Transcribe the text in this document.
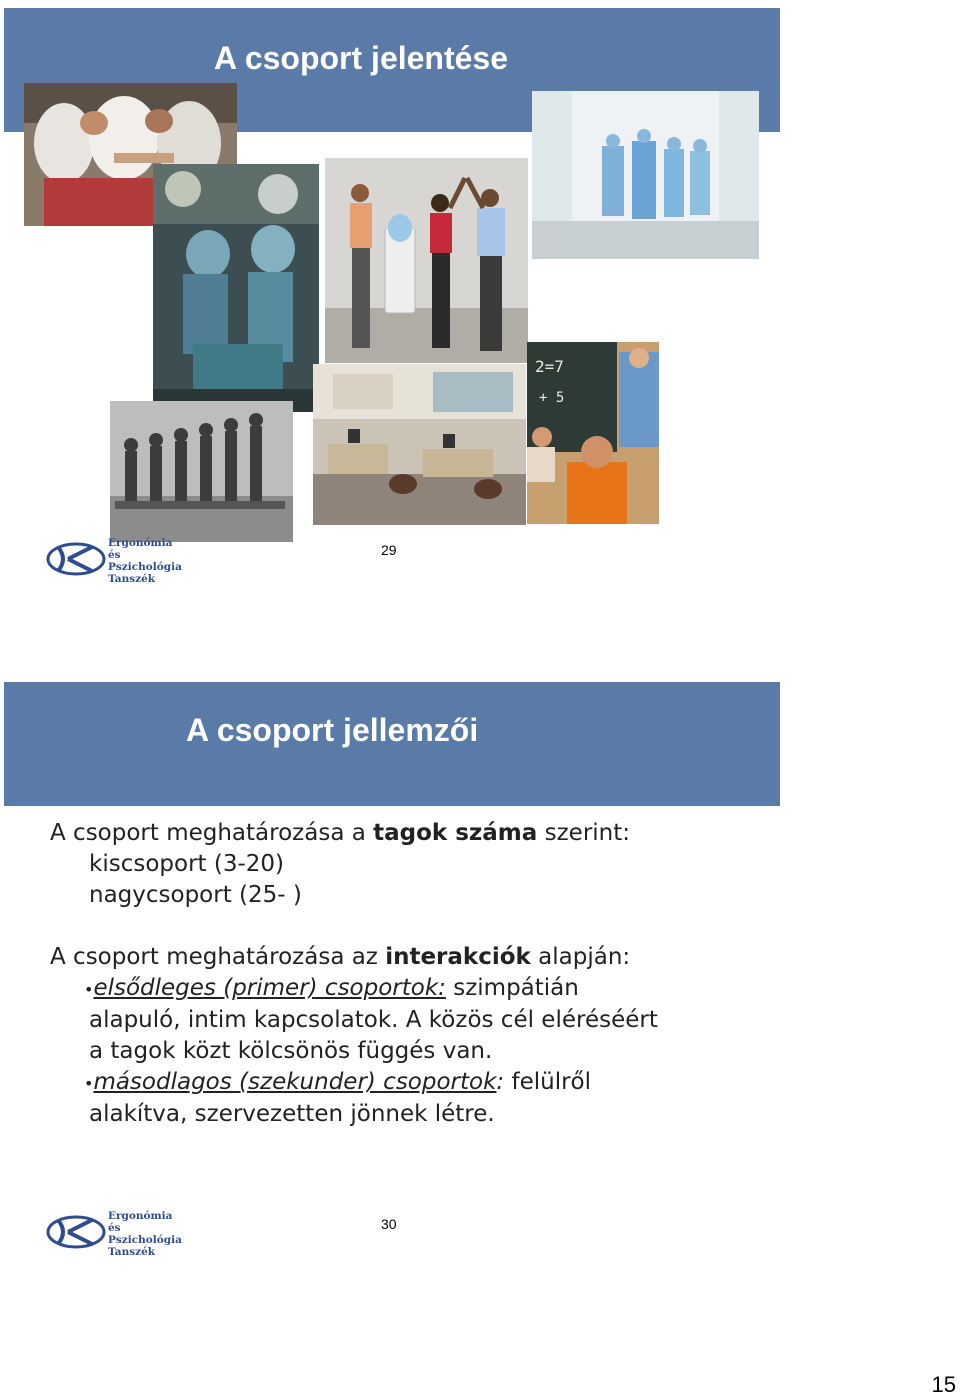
A csoport jelentése
2=7
+ 5
Ergonómia és
Pszichológia
Tanszék
29
A csoport jellemzői

A csoport meghatározása a tagok száma szerint:

kiscsoport (3-20)

nagycsoport (25- )

A csoport meghatározása az interakciók alapján:

•elsődleges (primer) csoportok: szimpátián

alapuló, intim kapcsolatok. A közös cél eléréséért

a tagok közt kölcsönös függés van.

•másodlagos (szekunder) csoportok: felülről

alakítva, szervezetten jönnek létre.

Ergonómia és
Pszichológia
Tanszék
30
15
